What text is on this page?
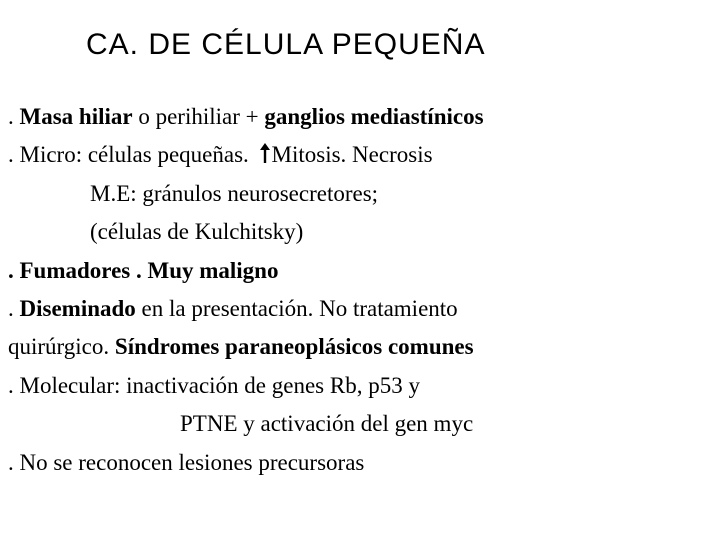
CA. DE CÉLULA PEQUEÑA
. Masa hiliar o perihiliar + ganglios mediastínicos
. Micro: células pequeñas. Mitosis. Necrosis
M.E: gránulos neurosecretores;
(células de Kulchitsky)
. Fumadores . Muy maligno
. Diseminado en la presentación. No tratamiento
quirúrgico. Síndromes paraneoplásicos comunes
. Molecular: inactivación de genes Rb, p53 y
PTNE y activación del gen myc
. No se reconocen lesiones precursoras
